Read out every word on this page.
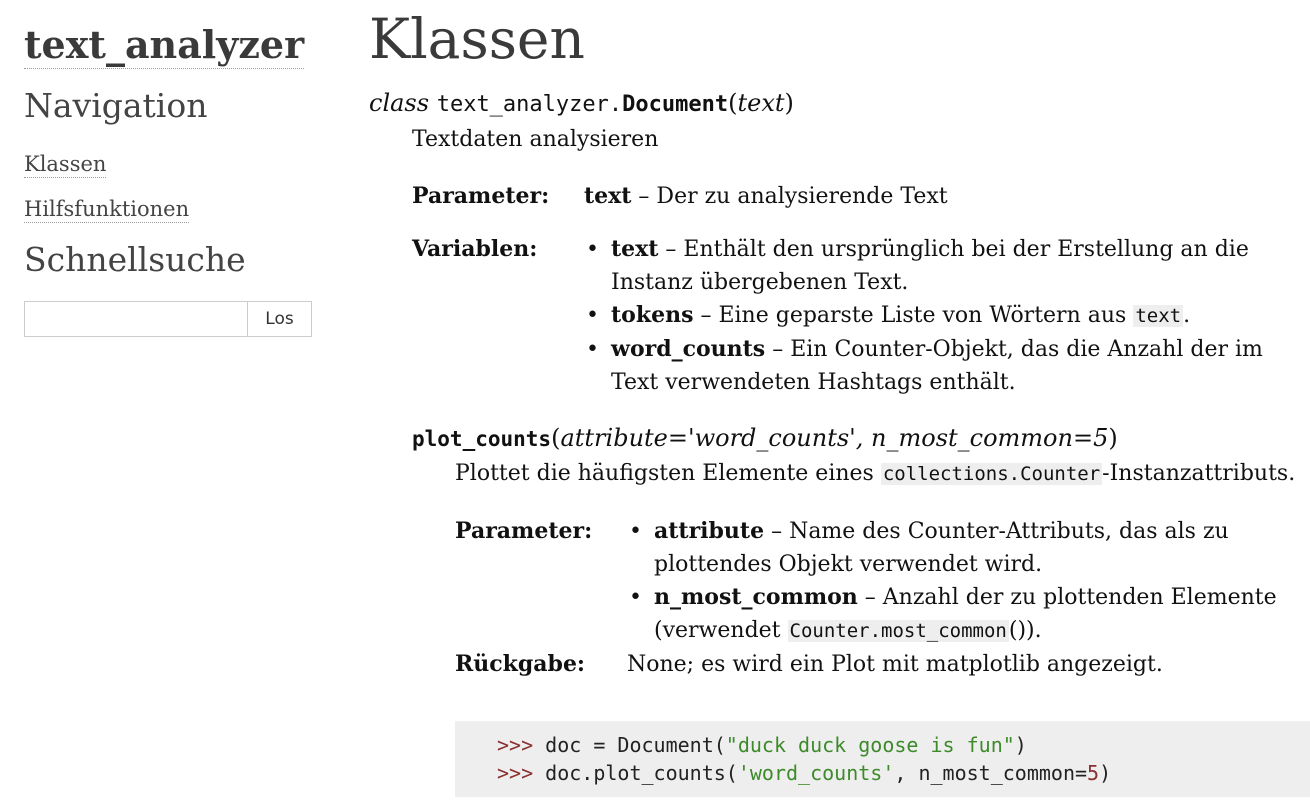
text_analyzer
Navigation
Klassen
Hilfsfunktionen
Schnellsuche
Los
Klassen
class text_analyzer.Document(text)

Textdaten analysieren

Parameter:	text – Der zu analysierende Text
Variablen:	• text – Enthält den ursprünglich bei der Erstellung an die Instanz übergebenen Text.
• tokens – Eine geparste Liste von Wörtern aus text.
• word_counts – Ein Counter-Objekt, das die Anzahl der im Text verwendeten Hashtags enthält.
plot_counts(attribute='word_counts', n_most_common=5)

Plottet die häufigsten Elemente eines collections.Counter-Instanzattributs.

Parameter:	• attribute – Name des Counter-Attributs, das als zu plottendes Objekt verwendet wird.
• n_most_common – Anzahl der zu plottenden Elemente (verwendet Counter.most_common()).
Rückgabe:	None; es wird ein Plot mit matplotlib angezeigt.
>>> doc = Document("duck duck goose is fun")
>>> doc.plot_counts('word_counts', n_most_common=5)
